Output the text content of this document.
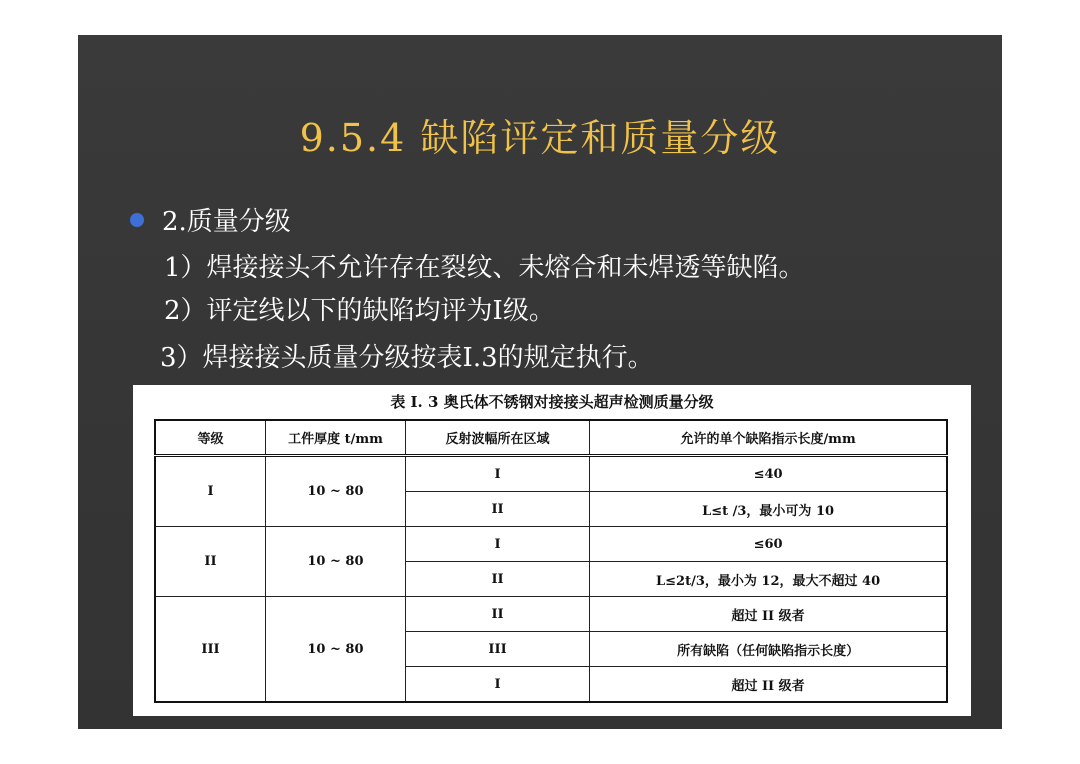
9.5.4 缺陷评定和质量分级
2.质量分级
1）焊接接头不允许存在裂纹、未熔合和未焊透等缺陷。
2）评定线以下的缺陷均评为I级。
3）焊接接头质量分级按表I.3的规定执行。
表 I. 3 奥氏体不锈钢对接接头超声检测质量分级
等级	工件厚度 t/mm	反射波幅所在区域	允许的单个缺陷指示长度/mm
I	10 ~ 80	I	≤40
		II	L≤t /3，最小可为 10
II	10 ~ 80	I	≤60
		II	L≤2t/3，最小为 12，最大不超过 40
III	10 ~ 80	II	超过 II 级者
		III	所有缺陷（任何缺陷指示长度）
		I	超过 II 级者
